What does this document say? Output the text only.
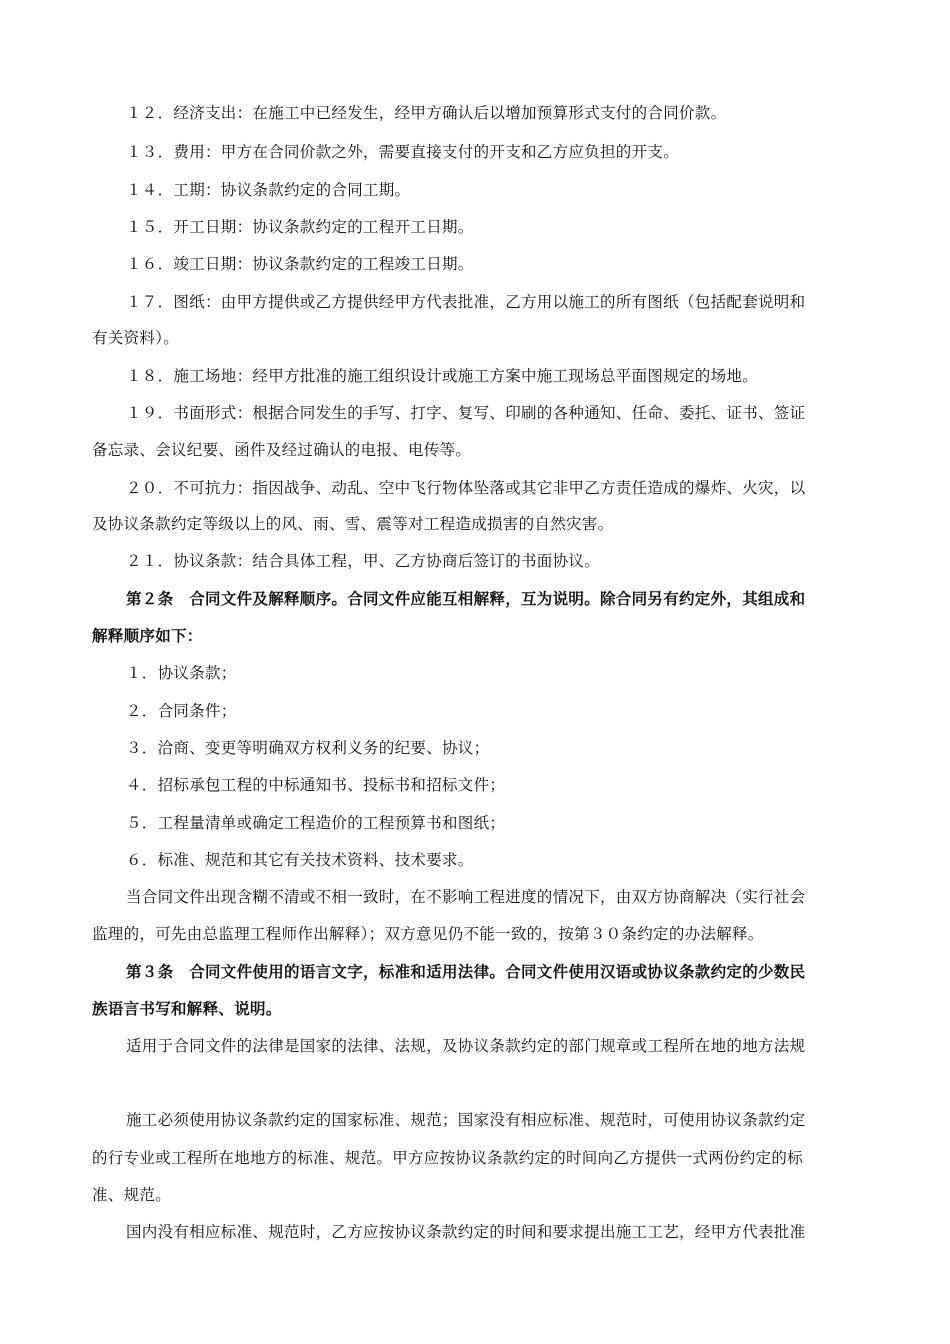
１２．经济支出：在施工中已经发生，经甲方确认后以增加预算形式支付的合同价款。
１３．费用：甲方在合同价款之外，需要直接支付的开支和乙方应负担的开支。
１４．工期：协议条款约定的合同工期。
１５．开工日期：协议条款约定的工程开工日期。
１６．竣工日期：协议条款约定的工程竣工日期。
１７．图纸：由甲方提供或乙方提供经甲方代表批准，乙方用以施工的所有图纸（包括配套说明和
有关资料）。
１８．施工场地：经甲方批准的施工组织设计或施工方案中施工现场总平面图规定的场地。
１９．书面形式：根据合同发生的手写、打字、复写、印刷的各种通知、任命、委托、证书、签证
备忘录、会议纪要、函件及经过确认的电报、电传等。
２０．不可抗力：指因战争、动乱、空中飞行物体坠落或其它非甲乙方责任造成的爆炸、火灾，以
及协议条款约定等级以上的风、雨、雪、震等对工程造成损害的自然灾害。
２１．协议条款：结合具体工程，甲、乙方协商后签订的书面协议。
第２条　合同文件及解释顺序。合同文件应能互相解释，互为说明。除合同另有约定外，其组成和
解释顺序如下：
１．协议条款；
２．合同条件；
３．洽商、变更等明确双方权利义务的纪要、协议；
４．招标承包工程的中标通知书、投标书和招标文件；
５．工程量清单或确定工程造价的工程预算书和图纸；
６．标准、规范和其它有关技术资料、技术要求。
当合同文件出现含糊不清或不相一致时，在不影响工程进度的情况下，由双方协商解决（实行社会
监理的，可先由总监理工程师作出解释）；双方意见仍不能一致的，按第３０条约定的办法解释。
第３条　合同文件使用的语言文字，标准和适用法律。合同文件使用汉语或协议条款约定的少数民
族语言书写和解释、说明。
适用于合同文件的法律是国家的法律、法规，及协议条款约定的部门规章或工程所在地的地方法规
施工必须使用协议条款约定的国家标准、规范；国家没有相应标准、规范时，可使用协议条款约定
的行专业或工程所在地地方的标准、规范。甲方应按协议条款约定的时间向乙方提供一式两份约定的标
准、规范。
国内没有相应标准、规范时，乙方应按协议条款约定的时间和要求提出施工工艺，经甲方代表批准
